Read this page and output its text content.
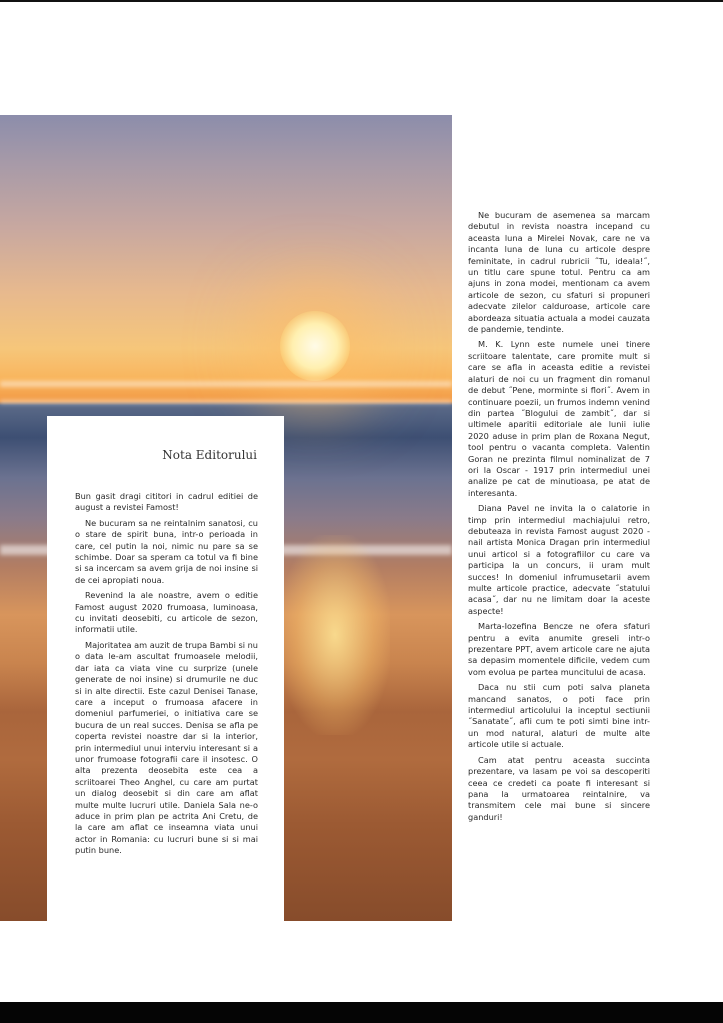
Nota Editorului

Bun gasit dragi cititori in cadrul editiei de august a revistei Famost!

Ne bucuram sa ne reintalnim sanatosi, cu o stare de spirit buna, intr-o perioada in care, cel putin la noi, nimic nu pare sa se schimbe. Doar sa speram ca totul va fi bine si sa incercam sa avem grija de noi insine si de cei apropiati noua.

Revenind la ale noastre, avem o editie Famost august 2020 frumoasa, luminoasa, cu invitati deosebiti, cu articole de sezon, informatii utile.

Majoritatea am auzit de trupa Bambi si nu o data le-am ascultat frumoasele melodii, dar iata ca viata vine cu surprize (unele generate de noi insine) si drumurile ne duc si in alte directii. Este cazul Denisei Tanase, care a inceput o frumoasa afacere in domeniul parfumeriei, o initiativa care se bucura de un real succes. Denisa se afla pe coperta revistei noastre dar si la interior, prin intermediul unui interviu interesant si a unor frumoase fotografii care il insotesc. O alta prezenta deosebita este cea a scriitoarei Theo Anghel, cu care am purtat un dialog deosebit si din care am aflat multe multe lucruri utile. Daniela Sala ne-o aduce in prim plan pe actrita Ani Cretu, de la care am aflat ce inseamna viata unui actor in Romania: cu lucruri bune si si mai putin bune.

Ne bucuram de asemenea sa marcam debutul in revista noastra incepand cu aceasta luna a Mirelei Novak, care ne va incanta luna de luna cu articole despre feminitate, in cadrul rubricii ˝Tu, ideala!˝, un titlu care spune totul. Pentru ca am ajuns in zona modei, mentionam ca avem articole de sezon, cu sfaturi si propuneri adecvate zilelor calduroase, articole care abordeaza situatia actuala a modei cauzata de pandemie, tendinte.

M. K. Lynn este numele unei tinere scriitoare talentate, care promite mult si care se afla in aceasta editie a revistei alaturi de noi cu un fragment din romanul de debut ˝Pene, morminte si flori˝. Avem in continuare poezii, un frumos indemn venind din partea ˝Blogului de zambit˝, dar si ultimele aparitii editoriale ale lunii iulie 2020 aduse in prim plan de Roxana Negut, tool pentru o vacanta completa. Valentin Goran ne prezinta filmul nominalizat de 7 ori la Oscar - 1917 prin intermediul unei analize pe cat de minutioasa, pe atat de interesanta.

Diana Pavel ne invita la o calatorie in timp prin intermediul machiajului retro, debuteaza in revista Famost august 2020 - nail artista Monica Dragan prin intermediul unui articol si a fotografiilor cu care va participa la un concurs, ii uram mult succes! In domeniul infrumusetarii avem multe articole practice, adecvate ˝statului acasa˝, dar nu ne limitam doar la aceste aspecte!

Marta-Iozefina Bencze ne ofera sfaturi pentru a evita anumite greseli intr-o prezentare PPT, avem articole care ne ajuta sa depasim momentele dificile, vedem cum vom evolua pe partea muncitului de acasa.

Daca nu stii cum poti salva planeta mancand sanatos, o poti face prin intermediul articolului la inceptul sectiunii ˝Sanatate˝, afli cum te poti simti bine intr-un mod natural, alaturi de multe alte articole utile si actuale.

Cam atat pentru aceasta succinta prezentare, va lasam pe voi sa descoperiti ceea ce credeti ca poate fi interesant si pana la urmatoarea reintalnire, va transmitem cele mai bune si sincere ganduri!
